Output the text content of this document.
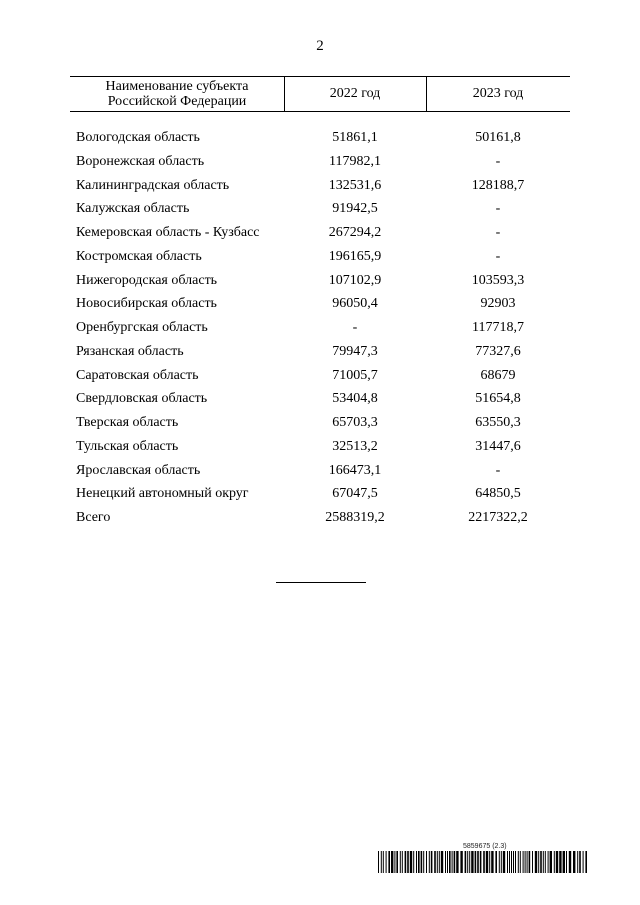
2
Наименование субъекта Российской Федерации	2022 год	2023 год
Вологодская область	51861,1	50161,8
Воронежская область	117982,1	-
Калининградская область	132531,6	128188,7
Калужская область	91942,5	-
Кемеровская область - Кузбасс	267294,2	-
Костромская область	196165,9	-
Нижегородская область	107102,9	103593,3
Новосибирская область	96050,4	92903
Оренбургская область	-	117718,7
Рязанская область	79947,3	77327,6
Саратовская область	71005,7	68679
Свердловская область	53404,8	51654,8
Тверская область	65703,3	63550,3
Тульская область	32513,2	31447,6
Ярославская область	166473,1	-
Ненецкий автономный округ	67047,5	64850,5
Всего	2588319,2	2217322,2
5859675 (2.3)
